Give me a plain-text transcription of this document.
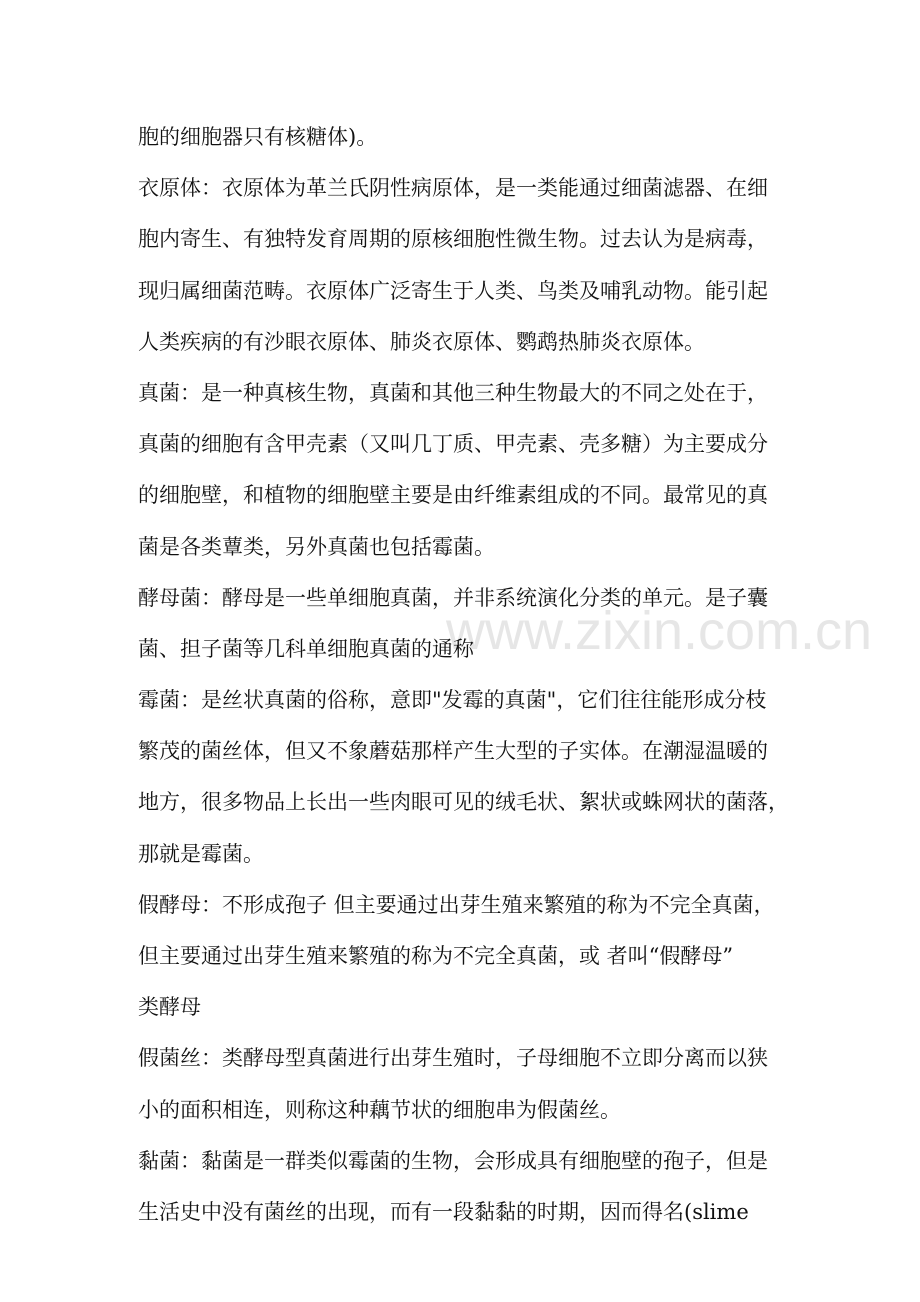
www.zixin.com.cn
胞的细胞器只有核糖体)。
衣原体：衣原体为革兰氏阴性病原体，是一类能通过细菌滤器、在细
胞内寄生、有独特发育周期的原核细胞性微生物。过去认为是病毒，
现归属细菌范畴。衣原体广泛寄生于人类、鸟类及哺乳动物。能引起
人类疾病的有沙眼衣原体、肺炎衣原体、鹦鹉热肺炎衣原体。
真菌：是一种真核生物，真菌和其他三种生物最大的不同之处在于，
真菌的细胞有含甲壳素（又叫几丁质、甲壳素、壳多糖）为主要成分
的细胞壁，和植物的细胞壁主要是由纤维素组成的不同。最常见的真
菌是各类蕈类，另外真菌也包括霉菌。
酵母菌：酵母是一些单细胞真菌，并非系统演化分类的单元。是子囊
菌、担子菌等几科单细胞真菌的通称
霉菌：是丝状真菌的俗称，意即"发霉的真菌"，它们往往能形成分枝
繁茂的菌丝体，但又不象蘑菇那样产生大型的子实体。在潮湿温暖的
地方，很多物品上长出一些肉眼可见的绒毛状、絮状或蛛网状的菌落，
那就是霉菌。
假酵母：不形成孢子 但主要通过出芽生殖来繁殖的称为不完全真菌，
但主要通过出芽生殖来繁殖的称为不完全真菌，或 者叫“假酵母”
类酵母
假菌丝：类酵母型真菌进行出芽生殖时，子母细胞不立即分离而以狭
小的面积相连，则称这种藕节状的细胞串为假菌丝。
黏菌：黏菌是一群类似霉菌的生物，会形成具有细胞壁的孢子，但是
生活史中没有菌丝的出现，而有一段黏黏的时期，因而得名(slime
